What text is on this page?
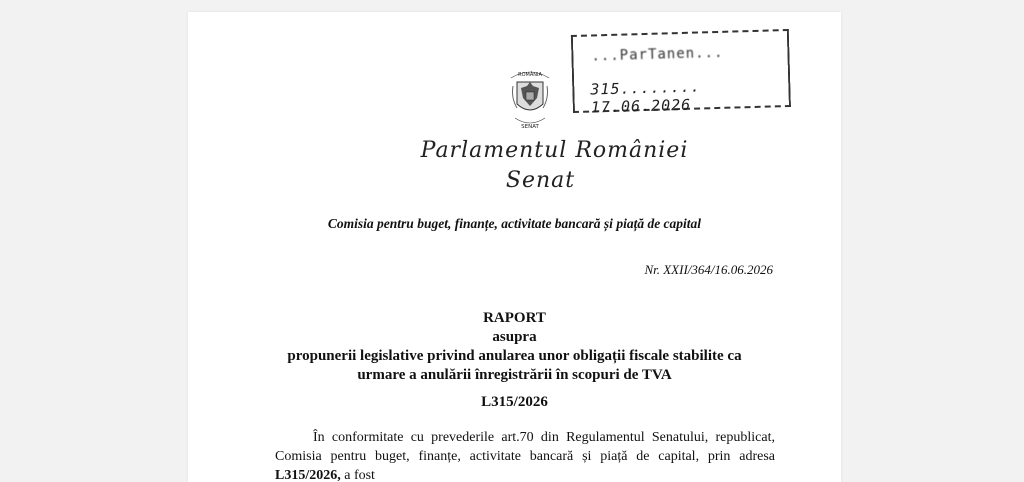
ROMÂNIA
SENAT
...ParTanen...
315........ 17.06.2026
Parlamentul României
Senat
Comisia pentru buget, finanțe, activitate bancară și piață de capital
Nr. XXII/364/16.06.2026
RAPORT
asupra
propunerii legislative privind anularea unor obligații fiscale stabilite ca
urmare a anulării înregistrării în scopuri de TVA
L315/2026

În conformitate cu prevederile art.70 din Regulamentul Senatului, republicat, Comisia pentru buget, finanțe, activitate bancară și piață de capital, prin adresa L315/2026, a fost
